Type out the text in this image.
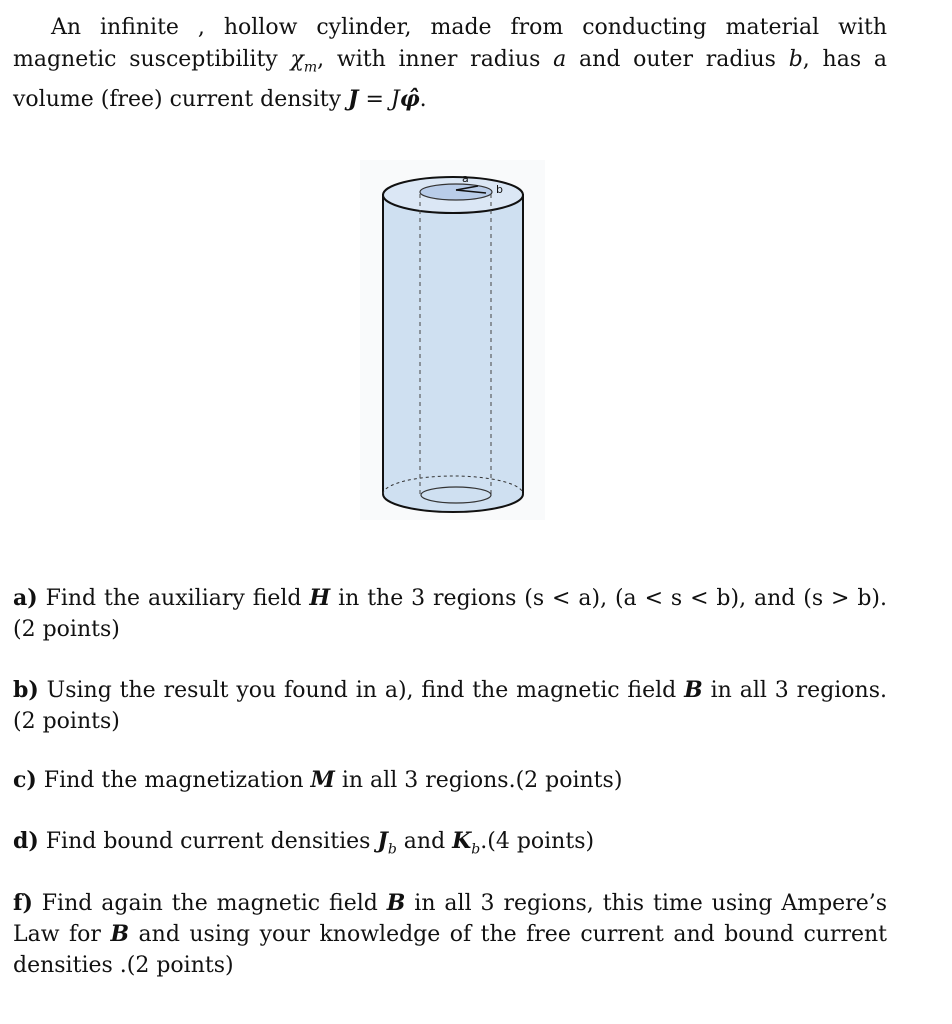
An infinite , hollow cylinder, made from conducting material with magnetic susceptibility $\chi_m$, with inner radius a and outer radius b, has a volume (free) current density J = Jφ̂.
a
b
a) Find the auxiliary field H in the 3 regions (s < a), (a < s < b), and (s > b).(2 points)
b) Using the result you found in a), find the magnetic field B in all 3 regions.(2 points)
c) Find the magnetization M in all 3 regions.(2 points)
d) Find bound current densities $J_b$ and $K_b.(4$ points)
f) Find again the magnetic field B in all 3 regions, this time using Ampere’s Law for B and using your knowledge of the free current and bound current densities .(2 points)
